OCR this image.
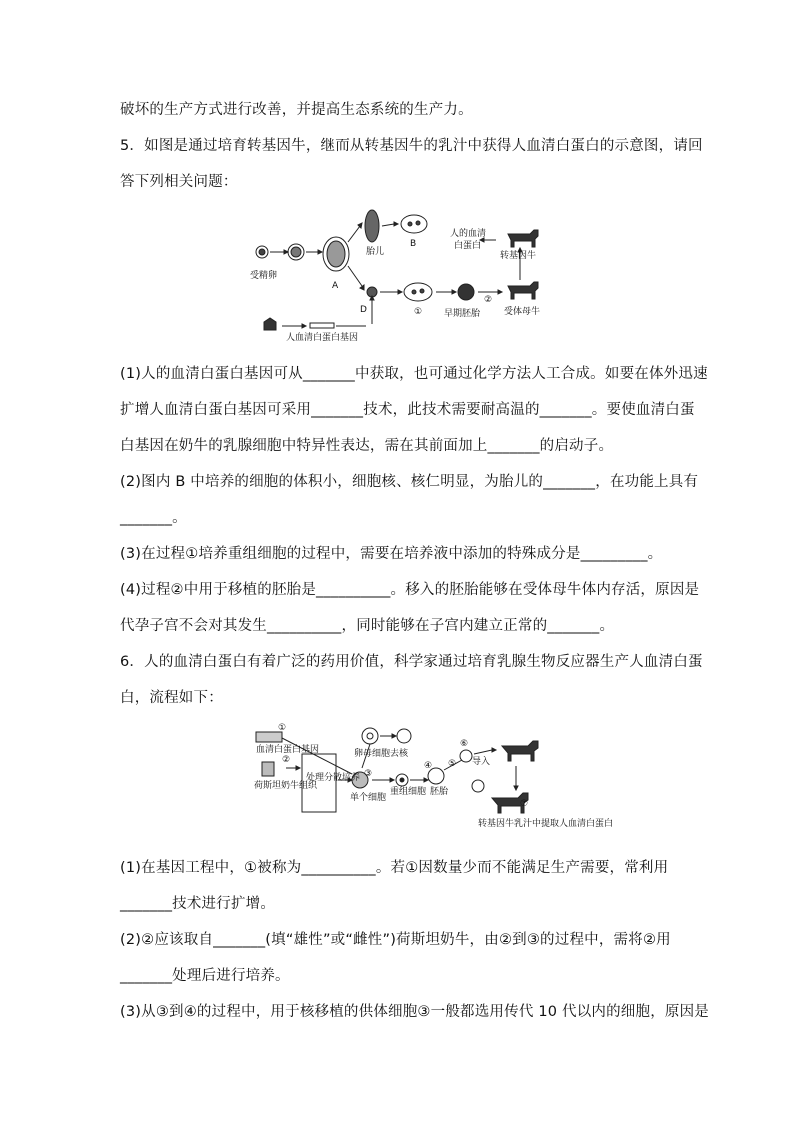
破坏的生产方式进行改善，并提高生态系统的生产力。
5．如图是通过培育转基因牛，继而从转基因牛的乳汁中获得人血清白蛋白的示意图，请回
答下列相关问题：
受精卵
A
胎儿
B
D	① 早期胚胎
②
受体母牛
人的血清
白蛋白
转基因牛
人血清白蛋白基因
(1)人的血清白蛋白基因可从_______中获取，也可通过化学方法人工合成。如要在体外迅速
扩增人血清白蛋白基因可采用_______技术，此技术需要耐高温的_______。要使血清白蛋
白基因在奶牛的乳腺细胞中特异性表达，需在其前面加上_______的启动子。
(2)图内 B 中培养的细胞的体积小，细胞核、核仁明显，为胎儿的_______，在功能上具有
_______。
(3)在过程①培养重组细胞的过程中，需要在培养液中添加的特殊成分是_________。
(4)过程②中用于移植的胚胎是__________。移入的胚胎能够在受体母牛体内存活，原因是
代孕子宫不会对其发生__________，同时能够在子宫内建立正常的_______。
6．人的血清白蛋白有着广泛的药用价值，科学家通过培育乳腺生物反应器生产人血清白蛋
白，流程如下：
①
血清白蛋白基因
②
荷斯坦奶牛组织
处理分散培养
单个细胞
③
卵母细胞去核
④
重组细胞 胚胎
⑤ 导入
⑥
⑦
转基因牛乳汁中提取人血清白蛋白
(1)在基因工程中，①被称为__________。若①因数量少而不能满足生产需要，常利用
_______技术进行扩增。
(2)②应该取自_______(填“雄性”或“雌性”)荷斯坦奶牛，由②到③的过程中，需将②用
_______处理后进行培养。
(3)从③到④的过程中，用于核移植的供体细胞③一般都选用传代 10 代以内的细胞，原因是
